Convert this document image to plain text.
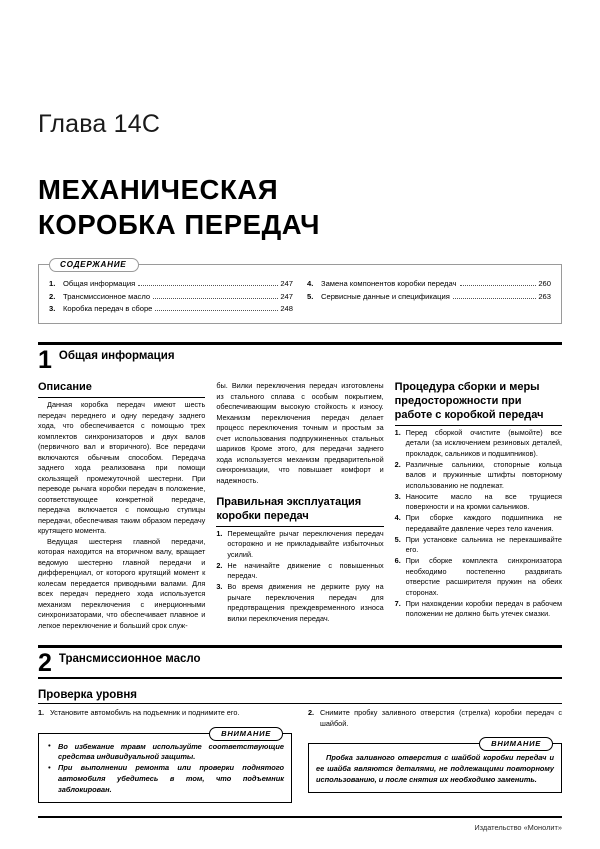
Глава 14С
МЕХАНИЧЕСКАЯ
КОРОБКА ПЕРЕДАЧ
СОДЕРЖАНИЕ
1.	Общая информация	247
2.	Трансмиссионное масло	247
3.	Коробка передач в сборе	248
4.	Замена компонентов коробки передач	260
5.	Сервисные данные и спецификация	263
1 Общая информация
Описание

Данная коробка передач имеют шесть передач переднего и одну передачу заднего хода, что обеспечивается с помощью трех комплектов синхронизаторов и двух валов (первичного вал и вторичного). Все передачи включаются обычным способом. Передача заднего хода реализована при помощи скользящей промежуточной шестерни. При переводе рычага коробки передач в положение, соответствующее конкретной передаче, передача включается с помощью ступицы передачи, обеспечивая таким образом передачу крутящего момента.

Ведущая шестерня главной передачи, которая находится на вторичном валу, вращает ведомую шестерню главной передачи и дифференциал, от которого крутящий момент к колесам передается приводными валами. Для всех передач переднего хода используется механизм переключения с инерционными синхронизаторами, что обеспечивает плавное и легкое переключение и больший срок служ-

бы. Вилки переключения передач изготовлены из стального сплава с особым покрытием, обеспечивающим высокую стойкость к износу. Механизм переключения передач делает процесс переключения точным и простым за счет использования подпружиненных стальных шариков Кроме этого, для передачи заднего хода используется механизм предварительной синхронизации, что повышает комфорт и надежность.

Правильная эксплуатация коробки передач
Перемещайте рычаг переключения передач осторожно и не прикладывайте избыточных усилий.
Не начинайте движение с повышенных передач.
Во время движения не держите руку на рычаге переключения передач для предотвращения преждевременного износа вилки переключения передач.
Процедура сборки и меры предосторожности при работе с коробкой передач
Перед сборкой очистите (вымойте) все детали (за исключением резиновых деталей, прокладок, сальников и подшипников).
Различные сальники, стопорные кольца валов и пружинные штифты повторному использованию не подлежат.
Наносите масло на все трущиеся поверхности и на кромки сальников.
При сборке каждого подшипника не передавайте давление через тело качения.
При установке сальника не перекашивайте его.
При сборке комплекта синхронизатора необходимо постепенно раздвигать отверстие расширителя пружин на обеих сторонах.
При нахождении коробки передач в рабочем положении не должно быть утечек смазки.
2 Трансмиссионное масло
Проверка уровня
1. Установите автомобиль на подъемник и поднимите его.
ВНИМАНИЕ
• Во избежание травм используйте соответствующие средства индивидуальной защиты.
• При выполнении ремонта или проверки поднятого автомобиля убедитесь в том, что подъемник заблокирован.
2. Снимите пробку заливного отверстия (стрелка) коробки передач с шайбой.
ВНИМАНИЕ

Пробка заливного отверстия с шайбой коробки передач и ее шайба являются деталями, не подлежащими повторному использованию, и после снятия их необходимо заменить.

Издательство «Монолит»
